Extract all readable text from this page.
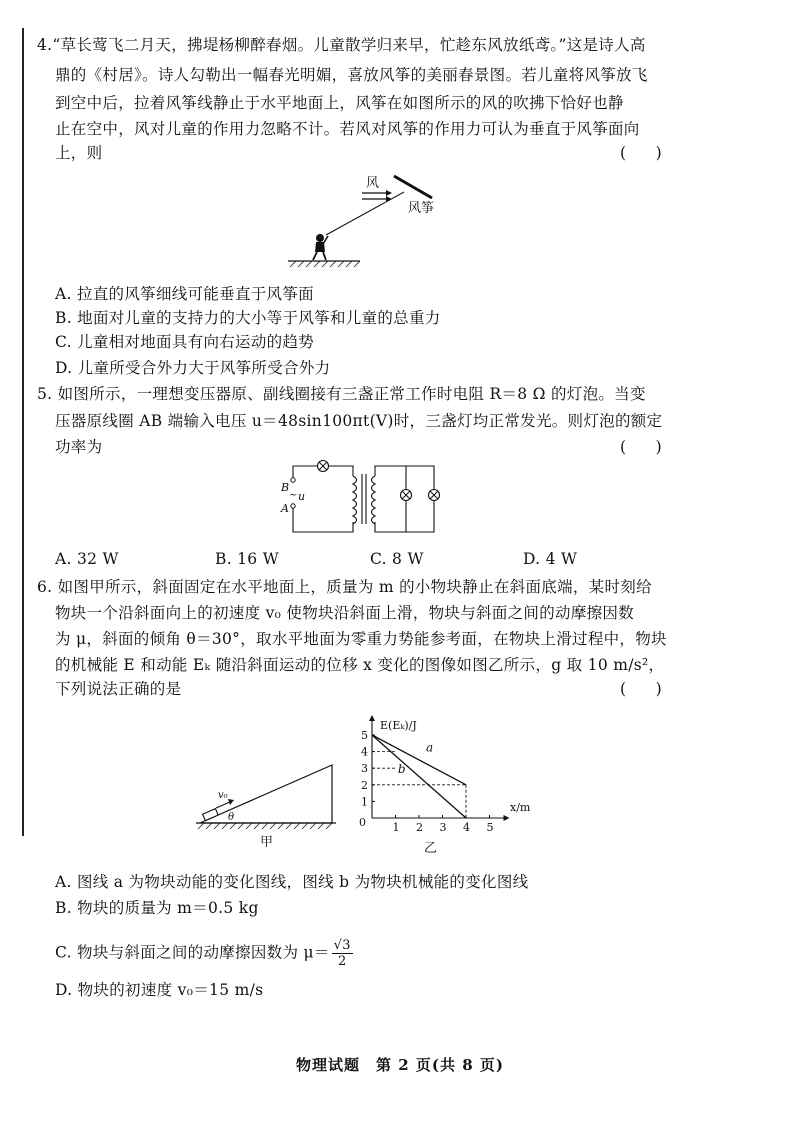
4.“草长莺飞二月天，拂堤杨柳醉春烟。儿童散学归来早，忙趁东风放纸鸢。”这是诗人高
鼎的《村居》。诗人勾勒出一幅春光明媚，喜放风筝的美丽春景图。若儿童将风筝放飞
到空中后，拉着风筝线静止于水平地面上，风筝在如图所示的风的吹拂下恰好也静
止在空中，风对儿童的作用力忽略不计。若风对风筝的作用力可认为垂直于风筝面向
上，则	(      )
风
风筝
A. 拉直的风筝细线可能垂直于风筝面
B. 地面对儿童的支持力的大小等于风筝和儿童的总重力
C. 儿童相对地面具有向右运动的趋势
D. 儿童所受合外力大于风筝所受合外力
5. 如图所示，一理想变压器原、副线圈接有三盏正常工作时电阻 R＝8 Ω 的灯泡。当变
压器原线圈 AB 端输入电压 u＝48sin100πt(V)时，三盏灯均正常发光。则灯泡的额定
功率为	(      )
B
~ u
A
A. 32 W	B. 16 W	C. 8 W	D. 4 W
6. 如图甲所示，斜面固定在水平地面上，质量为 m 的小物块静止在斜面底端，某时刻给
物块一个沿斜面向上的初速度 v₀ 使物块沿斜面上滑，物块与斜面之间的动摩擦因数
为 μ，斜面的倾角 θ＝30°，取水平地面为零重力势能参考面，在物块上滑过程中，物块
的机械能 E 和动能 Eₖ 随沿斜面运动的位移 x 变化的图像如图乙所示，g 取 10 m/s²，
下列说法正确的是	(      )
v₀
θ
甲
E(Eₖ)/J
x/m
0
乙
1 2 3 4 5
1
2
3
4
5
a
b
A. 图线 a 为物块动能的变化图线，图线 b 为物块机械能的变化图线
B. 物块的质量为 m＝0.5 kg
C. 物块与斜面之间的动摩擦因数为 $\mu= \frac{√3}{2}$
D. 物块的初速度 v₀＝15 m/s
物理试题　第 2 页(共 8 页)
